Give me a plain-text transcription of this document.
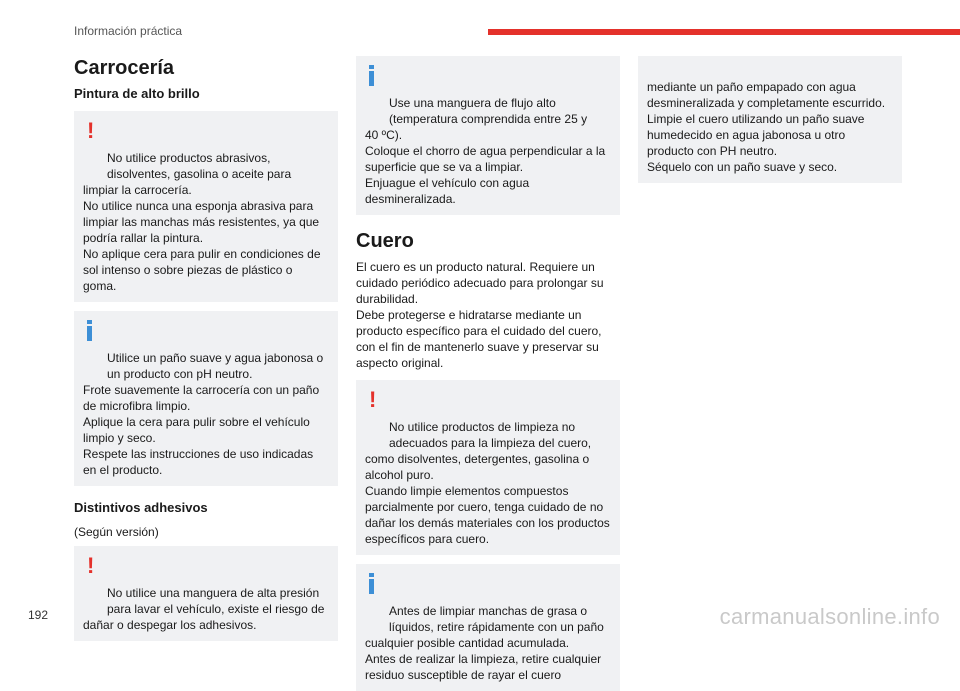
Información práctica
Carrocería
Pintura de alto brillo

!

No utilice productos abrasivos, disolventes, gasolina o aceite para
limpiar la carrocería.
No utilice nunca una esponja abrasiva para limpiar las manchas más resistentes, ya que podría rallar la pintura.
No aplique cera para pulir en condiciones de sol intenso o sobre piezas de plástico o goma.

Utilice un paño suave y agua jabonosa o un producto con pH neutro.
Frote suavemente la carrocería con un paño de microfibra limpio.
Aplique la cera para pulir sobre el vehículo limpio y seco.
Respete las instrucciones de uso indicadas en el producto.

Distintivos adhesivos

(Según versión)

!

No utilice una manguera de alta presión para lavar el vehículo, existe el riesgo de
dañar o despegar los adhesivos.

Use una manguera de flujo alto (temperatura comprendida entre 25 y
40 ºC).
Coloque el chorro de agua perpendicular a la superficie que se va a limpiar.
Enjuague el vehículo con agua desmineralizada.

Cuero

El cuero es un producto natural. Requiere un cuidado periódico adecuado para prolongar su durabilidad.
Debe protegerse e hidratarse mediante un producto específico para el cuidado del cuero, con el fin de mantenerlo suave y preservar su aspecto original.

!

No utilice productos de limpieza no adecuados para la limpieza del cuero,
como disolventes, detergentes, gasolina o alcohol puro.
Cuando limpie elementos compuestos parcialmente por cuero, tenga cuidado de no dañar los demás materiales con los productos específicos para cuero.

Antes de limpiar manchas de grasa o líquidos, retire rápidamente con un paño
cualquier posible cantidad acumulada.
Antes de realizar la limpieza, retire cualquier residuo susceptible de rayar el cuero

mediante un paño empapado con agua desmineralizada y completamente escurrido.
Limpie el cuero utilizando un paño suave humedecido en agua jabonosa u otro producto con PH neutro.
Séquelo con un paño suave y seco.

192	carmanualsonline.info
